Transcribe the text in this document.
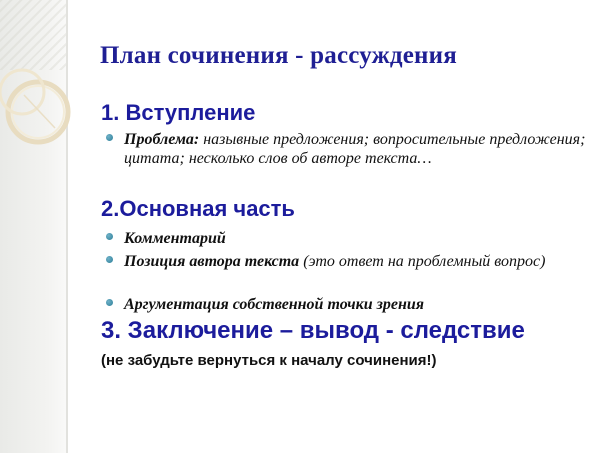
План сочинения - рассуждения
1. Вступление
Проблема: назывные предложения; вопросительные предложения; цитата; несколько слов об авторе текста…
2.Основная часть
Комментарий
Позиция автора текста (это ответ на проблемный вопрос)
Аргументация собственной точки зрения
3. Заключение – вывод - следствие
(не забудьте вернуться к началу сочинения!)
